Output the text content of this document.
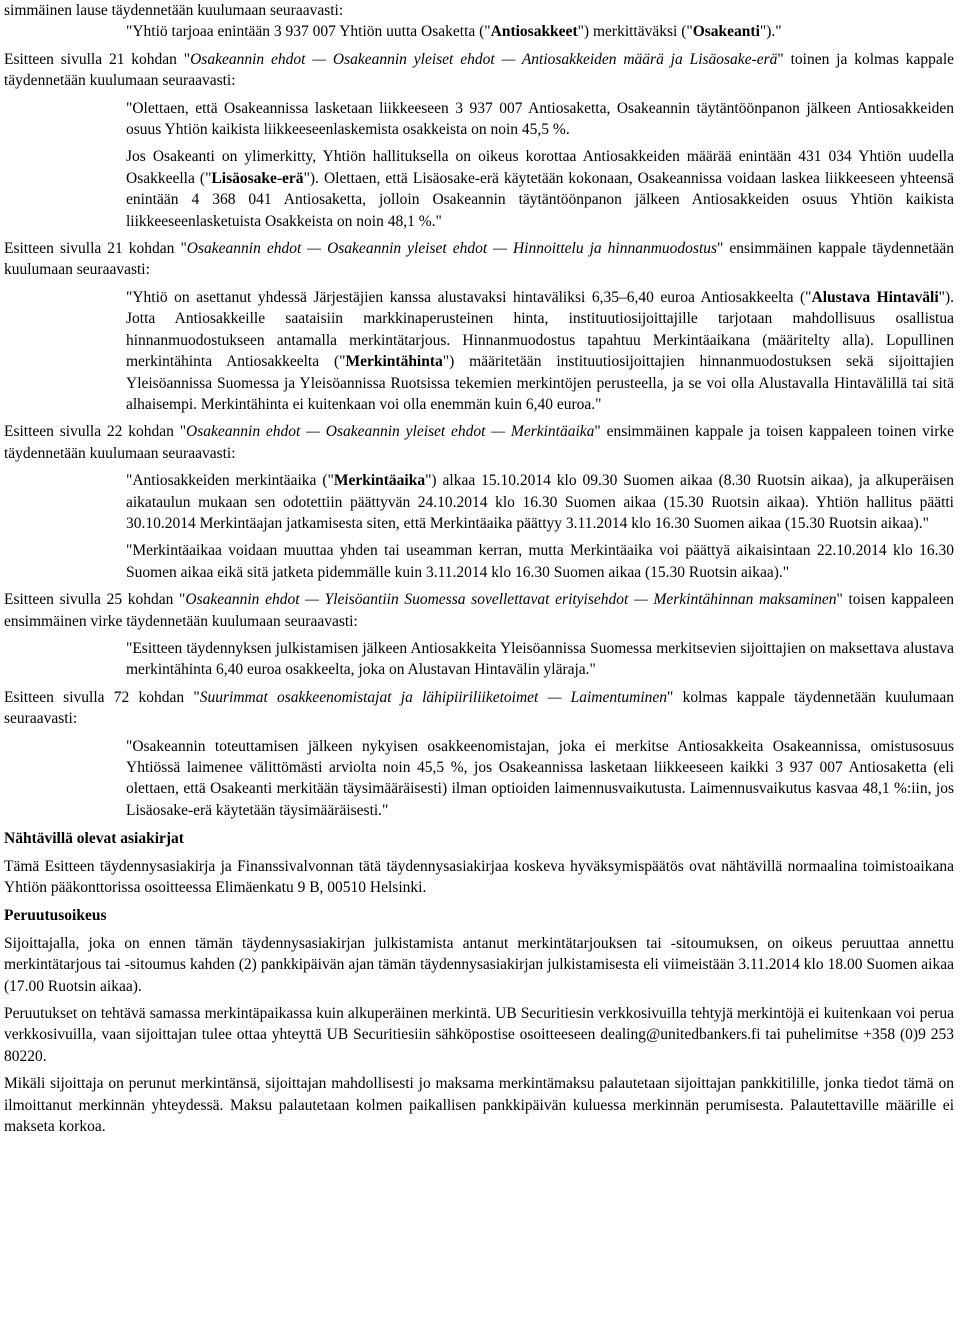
simmäinen lause täydennetään kuulumaan seuraavasti:

"Yhtiö tarjoaa enintään 3 937 007 Yhtiön uutta Osaketta ("Antiosakkeet") merkittäväksi ("Osakeanti")."

Esitteen sivulla 21 kohdan "Osakeannin ehdot — Osakeannin yleiset ehdot — Antiosakkeiden määrä ja Lisäosake-erä" toinen ja kolmas kappale täydennetään kuulumaan seuraavasti:

"Olettaen, että Osakeannissa lasketaan liikkeeseen 3 937 007 Antiosaketta, Osakeannin täytäntöönpanon jälkeen Antiosakkeiden osuus Yhtiön kaikista liikkeeseenlaskemista osakkeista on noin 45,5 %.

Jos Osakeanti on ylimerkitty, Yhtiön hallituksella on oikeus korottaa Antiosakkeiden määrää enintään 431 034 Yhtiön uudella Osakkeella ("Lisäosake-erä"). Olettaen, että Lisäosake-erä käytetään kokonaan, Osakeannissa voidaan laskea liikkeeseen yhteensä enintään 4 368 041 Antiosaketta, jolloin Osakeannin täytäntöönpanon jälkeen Antiosakkeiden osuus Yhtiön kaikista liikkeeseenlasketuista Osakkeista on noin 48,1 %."

Esitteen sivulla 21 kohdan "Osakeannin ehdot — Osakeannin yleiset ehdot — Hinnoittelu ja hinnanmuodostus" ensimmäinen kappale täydennetään kuulumaan seuraavasti:

"Yhtiö on asettanut yhdessä Järjestäjien kanssa alustavaksi hintaväliksi 6,35–6,40 euroa Antiosakkeelta ("Alustava Hintaväli"). Jotta Antiosakkeille saataisiin markkinaperusteinen hinta, instituutiosijoittajille tarjotaan mahdollisuus osallistua hinnanmuodostukseen antamalla merkintätarjous. Hinnanmuodostus tapahtuu Merkintäaikana (määritelty alla). Lopullinen merkintähinta Antiosakkeelta ("Merkintähinta") määritetään instituutiosijoittajien hinnanmuodostuksen sekä sijoittajien Yleisöannissa Suomessa ja Yleisöannissa Ruotsissa tekemien merkintöjen perusteella, ja se voi olla Alustavalla Hintavälillä tai sitä alhaisempi. Merkintähinta ei kuitenkaan voi olla enemmän kuin 6,40 euroa."

Esitteen sivulla 22 kohdan "Osakeannin ehdot — Osakeannin yleiset ehdot — Merkintäaika" ensimmäinen kappale ja toisen kappaleen toinen virke täydennetään kuulumaan seuraavasti:

"Antiosakkeiden merkintäaika ("Merkintäaika") alkaa 15.10.2014 klo 09.30 Suomen aikaa (8.30 Ruotsin aikaa), ja alkuperäisen aikataulun mukaan sen odotettiin päättyvän 24.10.2014 klo 16.30 Suomen aikaa (15.30 Ruotsin aikaa). Yhtiön hallitus päätti 30.10.2014 Merkintäajan jatkamisesta siten, että Merkintäaika päättyy 3.11.2014 klo 16.30 Suomen aikaa (15.30 Ruotsin aikaa)."

"Merkintäaikaa voidaan muuttaa yhden tai useamman kerran, mutta Merkintäaika voi päättyä aikaisintaan 22.10.2014 klo 16.30 Suomen aikaa eikä sitä jatketa pidemmälle kuin 3.11.2014 klo 16.30 Suomen aikaa (15.30 Ruotsin aikaa)."

Esitteen sivulla 25 kohdan "Osakeannin ehdot — Yleisöantiin Suomessa sovellettavat erityisehdot — Merkintähinnan maksaminen" toisen kappaleen ensimmäinen virke täydennetään kuulumaan seuraavasti:

"Esitteen täydennyksen julkistamisen jälkeen Antiosakkeita Yleisöannissa Suomessa merkitsevien sijoittajien on maksettava alustava merkintähinta 6,40 euroa osakkeelta, joka on Alustavan Hintavälin yläraja."

Esitteen sivulla 72 kohdan "Suurimmat osakkeenomistajat ja lähipiiriliiketoimet — Laimentuminen" kolmas kappale täydennetään kuulumaan seuraavasti:

"Osakeannin toteuttamisen jälkeen nykyisen osakkeenomistajan, joka ei merkitse Antiosakkeita Osakeannissa, omistusosuus Yhtiössä laimenee välittömästi arviolta noin 45,5 %, jos Osakeannissa lasketaan liikkeeseen kaikki 3 937 007 Antiosaketta (eli olettaen, että Osakeanti merkitään täysimääräisesti) ilman optioiden laimennusvaikutusta. Laimennusvaikutus kasvaa 48,1 %:iin, jos Lisäosake-erä käytetään täysimääräisesti."

Nähtävillä olevat asiakirjat

Tämä Esitteen täydennysasiakirja ja Finanssivalvonnan tätä täydennysasiakirjaa koskeva hyväksymispäätös ovat nähtävillä normaalina toimistoaikana Yhtiön pääkonttorissa osoitteessa Elimäenkatu 9 B, 00510 Helsinki.

Peruutusoikeus

Sijoittajalla, joka on ennen tämän täydennysasiakirjan julkistamista antanut merkintätarjouksen tai -sitoumuksen, on oikeus peruuttaa annettu merkintätarjous tai -sitoumus kahden (2) pankkipäivän ajan tämän täydennysasiakirjan julkistamisesta eli viimeistään 3.11.2014 klo 18.00 Suomen aikaa (17.00 Ruotsin aikaa).

Peruutukset on tehtävä samassa merkintäpaikassa kuin alkuperäinen merkintä. UB Securitiesin verkkosivuilla tehtyjä merkintöjä ei kuitenkaan voi perua verkkosivuilla, vaan sijoittajan tulee ottaa yhteyttä UB Securitiesiin sähköpostise osoitteeseen dealing@unitedbankers.fi tai puhelimitse +358 (0)9 253 80220.

Mikäli sijoittaja on perunut merkintänsä, sijoittajan mahdollisesti jo maksama merkintämaksu palautetaan sijoittajan pankkitilille, jonka tiedot tämä on ilmoittanut merkinnän yhteydessä. Maksu palautetaan kolmen paikallisen pankkipäivän kuluessa merkinnän perumisesta. Palautettaville määrille ei makseta korkoa.
